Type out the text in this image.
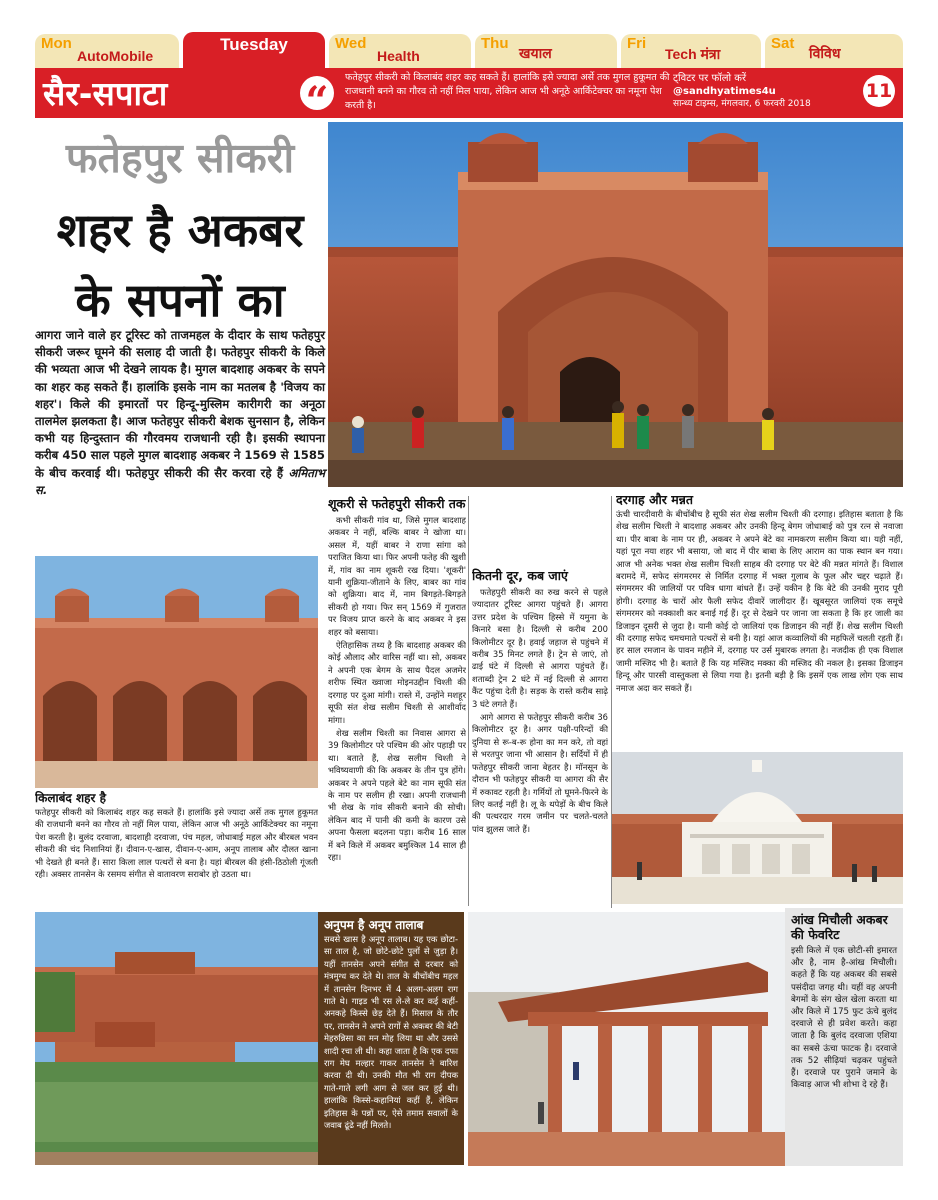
Mon
AutoMobile
Tuesday	Wed
Health
Thu
खयाल
Fri
Tech मंत्रा
Sat
विविध
सैर-सपाटा	“
फतेहपुर सीकरी को किलाबंद शहर कह सकते हैं। हालांकि इसे ज्यादा अर्से तक मुगल हुकूमत की राजधानी बनने का गौरव तो नहीं मिल पाया, लेकिन आज भी अनूठे आर्किटेक्चर का नमूना पेश करती है।
ट्विटर पर फॉलो करें
@sandhyatimes4u
सान्ध्य टाइम्स, मंगलवार, 6 फरवरी 2018
11
फतेहपुर सीकरी
शहर है अकबर
के सपनों का
आगरा जाने वाले हर टूरिस्ट को ताजमहल के दीदार के साथ फतेहपुर सीकरी जरूर घूमने की सलाह दी जाती है। फतेहपुर सीकरी के किले की भव्यता आज भी देखने लायक है। मुगल बादशाह अकबर के सपने का शहर कह सकते हैं। हालांकि इसके नाम का मतलब है 'विजय का शहर'। किले की इमारतों पर हिन्दू-मुस्लिम कारीगरी का अनूठा तालमेल झलकता है। आज फतेहपुर सीकरी बेशक सुनसान है, लेकिन कभी यह हिन्दुस्तान की गौरवमय राजधानी रही है। इसकी स्थापना करीब 450 साल पहले मुगल बादशाह अकबर ने 1569 से 1585 के बीच करवाई थी। फतेहपुर सीकरी की सैर करवा रहे हैं अमिताभ स.
किलाबंद शहर है
फतेहपुर सीकरी को किलाबंद शहर कह सकते हैं। हालांकि इसे ज्यादा अर्से तक मुगल हुकूमत की राजधानी बनने का गौरव तो नहीं मिल पाया, लेकिन आज भी अनूठे आर्किटेक्चर का नमूना पेश करती है। बुलंद दरवाजा, बादशाही दरवाजा, पंच महल, जोधाबाई महल और बीरबल भवन सीकरी की चंद निशानियां हैं। दीवान-ए-खास, दीवान-ए-आम, अनूप तालाब और दौलत खाना भी देखते ही बनते हैं। सारा किला लाल पत्थरों से बना है। यहां बीरबल की हंसी-ठिठोली गूंजती रही। अक्सर तानसेन के रसमय संगीत से वातावरण सराबोर हो उठता था।
शूकरी से फतेहपुरी सीकरी तक

कभी सीकरी गांव था, जिसे मुगल बादशाह अकबर ने नहीं, बल्कि बाबर ने खोजा था। असल में, यहीं बाबर ने राणा सांगा को पराजित किया था। फिर अपनी फतेह की खुशी में, गांव का नाम शूकरी रख दिया। 'शूकरी' यानी शुक्रिया-जीताने के लिए, बाबर का गांव को शुक्रिया। बाद में, नाम बिगड़ते-बिगड़ते सीकरी हो गया। फिर सन् 1569 में गुजरात पर विजय प्राप्त करने के बाद अकबर ने इस शहर को बसाया।

ऐतिहासिक तथ्य है कि बादशाह अकबर की कोई औलाद और वारिस नहीं था। सो, अकबर ने अपनी एक बेगम के साथ पैदल अजमेर शरीफ स्थित ख्वाजा मोइनउद्दीन चिश्ती की दरगाह पर दुआ मांगी। रास्ते में, उन्होंने मशहूर सूफी संत शेख सलीम चिश्ती से आशीर्वाद मांगा।

शेख सलीम चिश्ती का निवास आगरा से 39 किलोमीटर परे पश्चिम की ओर पहाड़ी पर था। बताते हैं, शेख सलीम चिश्ती ने भविष्यवाणी की कि अकबर के तीन पुत्र होंगे। अकबर ने अपने पहले बेटे का नाम सूफी संत के नाम पर सलीम ही रखा। अपनी राजधानी भी शेख के गांव सीकरी बनाने की सोची। लेकिन बाद में पानी की कमी के कारण उसे अपना फैसला बदलना पड़ा। करीब 16 साल में बने किले में अकबर बमुश्किल 14 साल ही रहा।

कितनी दूर, कब जाएं

फतेहपुरी सीकरी का रुख करने से पहले ज्यादातर टूरिस्ट आगरा पहुंचते हैं। आगरा उत्तर प्रदेश के पश्चिम हिस्से में यमुना के किनारे बसा है। दिल्ली से करीब 200 किलोमीटर दूर है। हवाई जहाज से पहुंचने में करीब 35 मिनट लगते हैं। ट्रेन से जाएं, तो ढाई घंटे में दिल्ली से आगरा पहुंचते हैं। शताब्दी ट्रेन 2 घंटे में नई दिल्ली से आगरा कैंट पहुंचा देती है। सड़क के रास्ते करीब साढ़े 3 घंटे लगते हैं।

आगे आगरा से फतेहपुर सीकरी करीब 36 किलोमीटर दूर है। अगर पक्षी-परिन्दों की दुनिया से रू-ब-रू होना का मन करे, तो वहां से भरतपुर जाना भी आसान है। सर्दियों में ही फतेहपुर सीकरी जाना बेहतर है। मॉनसून के दौरान भी फतेहपुर सीकरी या आगरा की सैर में रुकावट रहती है। गर्मियों तो घूमने-फिरने के लिए कतई नहीं है। लू के थपेड़ों के बीच किले की पत्थरदार गरम जमीन पर चलते-चलते पांव झुलस जाते हैं।

दरगाह और मन्नत
ऊंची चारदीवारी के बीचोंबीच है सूफी संत शेख सलीम चिश्ती की दरगाह। इतिहास बताता है कि शेख सलीम चिश्ती ने बादशाह अकबर और उनकी हिन्दू बेगम जोधाबाई को पुत्र रत्न से नवाजा था। पीर बाबा के नाम पर ही, अकबर ने अपने बेटे का नामकरण सलीम किया था। यही नहीं, यहां पूरा नया शहर भी बसाया, जो बाद में पीर बाबा के लिए आराम का पाक स्थान बन गया। आज भी अनेक भक्त शेख सलीम चिश्ती साहब की दरगाह पर बेटे की मन्नत मांगते हैं। विशाल बरामदे में, सफेद संगमरमर से निर्मित दरगाह में भक्त गुलाब के फूल और चद्दर चढ़ाते हैं। संगमरमर की जालियों पर पवित्र धागा बांधते हैं। उन्हें यकीन है कि बेटे की उनकी मुराद पूरी होगी। दरगाह के चारों ओर फैली सफेद दीवारें जालीदार हैं। खूबसूरत जालियां एक समूचे संगमरमर को नक्काशी कर बनाई गई हैं। दूर से देखने पर जाना जा सकता है कि हर जाली का डिजाइन दूसरी से जुदा है। यानी कोई दो जालियां एक डिजाइन की नहीं हैं। शेख सलीम चिश्ती की दरगाह सफेद चमचमाते पत्थरों से बनी है। यहां आज कव्वालियों की महफिलें चलती रहती हैं। हर साल रमजान के पावन महीने में, दरगाह पर उर्स मुबारक लगता है। नजदीक ही एक विशाल जामी मस्जिद भी है। बताते हैं कि यह मस्जिद मक्का की मस्जिद की नकल है। इसका डिजाइन हिन्दू और पारसी वास्तुकला से लिया गया है। इतनी बड़ी है कि इसमें एक लाख लोग एक साथ नमाज अदा कर सकते हैं।
अनुपम है अनूप तालाब
सबसे खास है अनूप तालाब। यह एक छोटा-सा ताल है, जो छोटे-छोटे पुलों से जुड़ा है। यहीं तानसेन अपने संगीत से दरबार को मंत्रमुग्ध कर देते थे। ताल के बीचोंबीच महल में तानसेन दिनभर में 4 अलग-अलग राग गाते थे। गाइड भी रस ले-ले कर कई कहीं-अनकहे किस्से छेड़ देते हैं। मिसाल के तौर पर, तानसेन ने अपने रागों से अकबर की बेटी मेहरुन्निसा का मन मोह लिया था और उससे शादी रचा ली थी। कहा जाता है कि एक दफा राग मेघ मल्हार गाकर तानसेन ने बारिश करवा दी थी। उनकी मौत भी राग दीपक गाते-गाते लगी आग से जल कर हुई थी। हालांकि किस्से-कहानियां कहीं हैं, लेकिन इतिहास के पन्नों पर, ऐसे तमाम सवालों के जवाब ढूंढे नहीं मिलते।
आंख मिचौली अकबर की फेवरिट
इसी किले में एक छोटी-सी इमारत और है, नाम है-आंख मिचौली। कहते हैं कि यह अकबर की सबसे पसंदीदा जगह थी। यहीं वह अपनी बेगमों के संग खेल खेला करता था और किले में 175 फुट ऊंचे बुलंद दरवाजे से ही प्रवेश करते। कहा जाता है कि बुलंद दरवाजा एशिया का सबसे ऊंचा फाटक है। दरवाजे तक 52 सीढ़ियां चढ़कर पहुंचते हैं। दरवाजे पर पुराने जमाने के किवाड़ आज भी शोभा दे रहे हैं।
